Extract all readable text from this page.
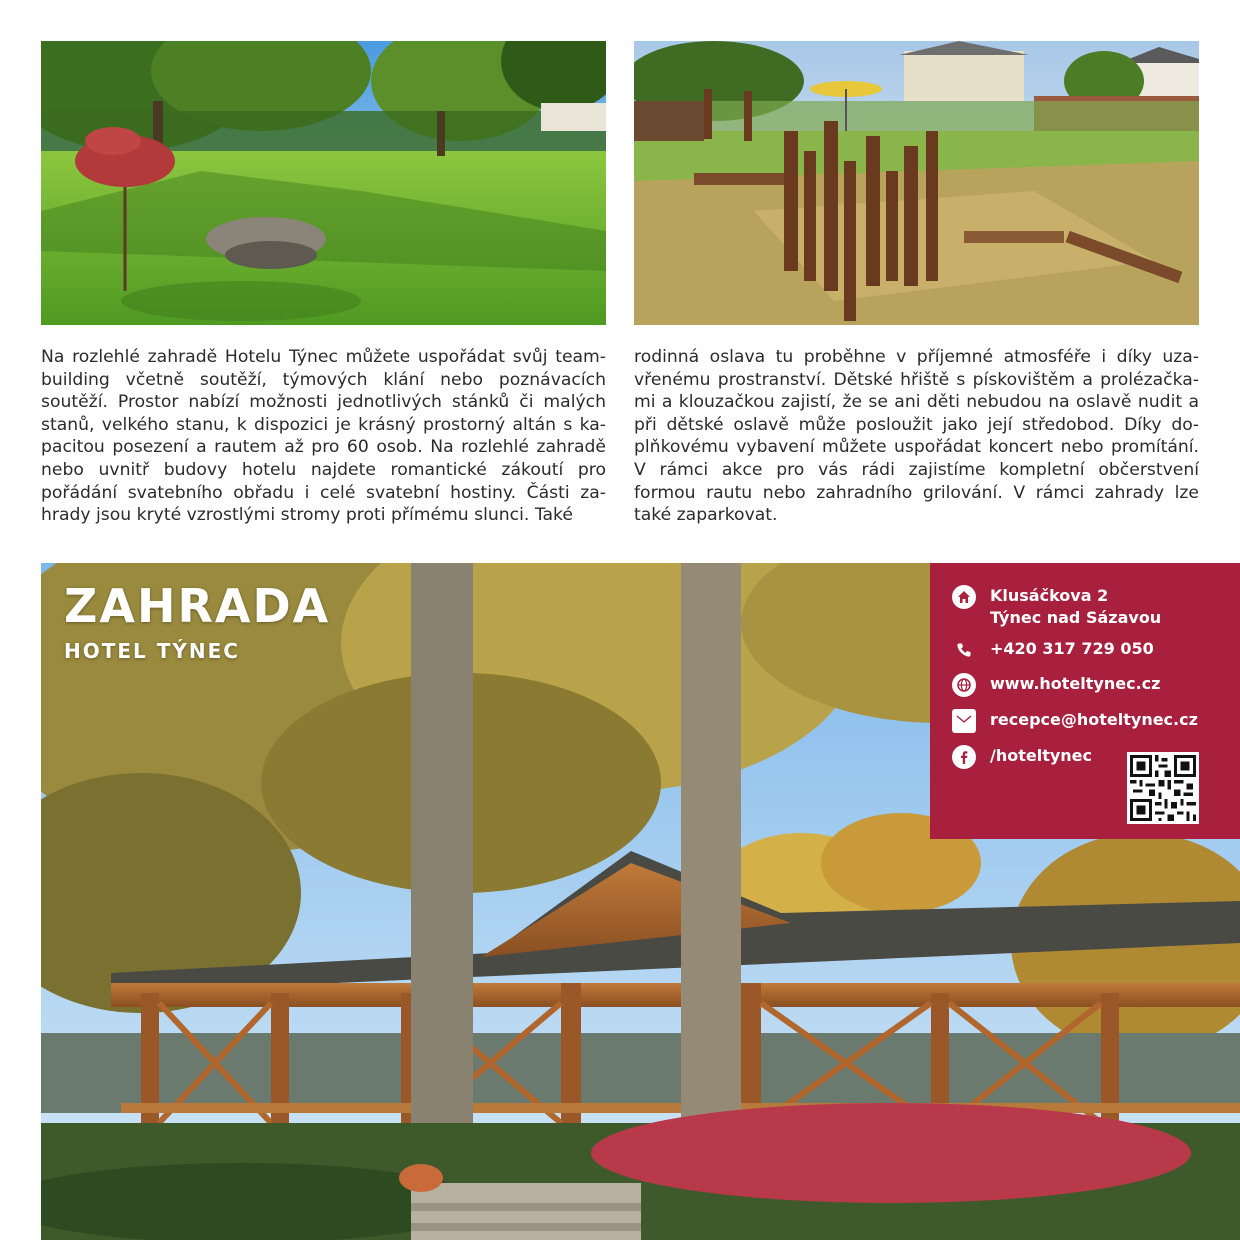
Na rozlehlé zahradě Hotelu Týnec můžete uspořádat svůj teambuilding včetně soutěží, týmových klání nebo poznávacích soutěží. Prostor nabízí možnosti jednotlivých stánků či malých stanů, velkého stanu, k dispozici je krásný prostorný altán s kapacitou posezení a rautem až pro 60 osob. Na rozlehlé zahradě nebo uvnitř budovy hotelu najdete romantické zákoutí pro pořádání svatebního obřadu i celé svatební hostiny. Části zahrady jsou kryté vzrostlými stromy proti přímému slunci. Také

rodinná oslava tu proběhne v příjemné atmosféře i díky uzavřenému prostranství. Dětské hřiště s pískovištěm a prolézačkami a klouzačkou zajistí, že se ani děti nebudou na oslavě nudit a při dětské oslavě může posloužit jako její středobod. Díky doplňkovému vybavení můžete uspořádat koncert nebo promítání. V rámci akce pro vás rádi zajistíme kompletní občerstvení formou rautu nebo zahradního grilování. V rámci zahrady lze také zaparkovat.

ZAHRADA
HOTEL TÝNEC
Klusáčkova 2
Týnec nad Sázavou
+420 317 729 050
www.hoteltynec.cz
recepce@hoteltynec.cz
/hoteltynec
